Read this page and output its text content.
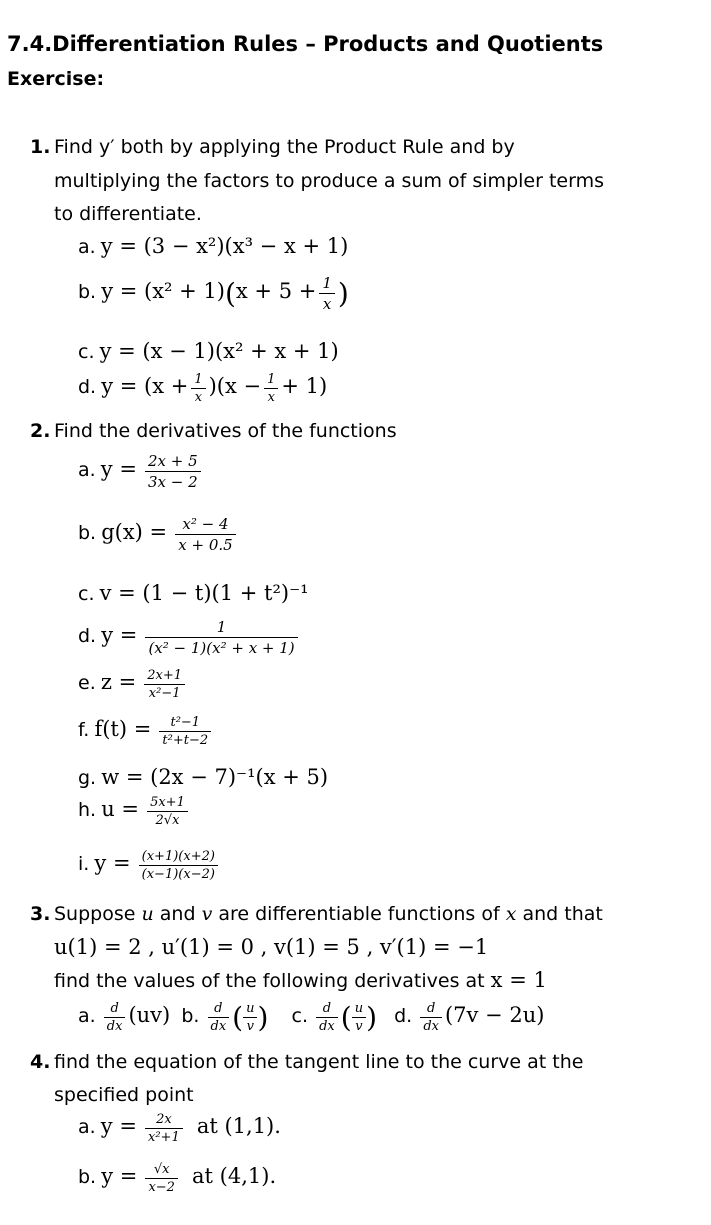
7.4.Differentiation Rules – Products and Quotients
Exercise:
1. Find y′ both by applying the Product Rule and by
multiplying the factors to produce a sum of simpler terms
to differentiate.
a. y = (3 − x²)(x³ − x + 1)
b. $y = (x^2 + 1)(x + 5 + \frac{1}{x}$ )
c. y = (x − 1)(x² + x + 1)
d. $y = (x + \frac{1}{x} )(x - \frac{1}{x} + 1)$
2. Find the derivatives of the functions
a. $y = \frac{2x + 5}{3x - 2}$
b. $g(x) = \frac{\text{x² − 4}}{x + 0.5}$
c. v = (1 − t)(1 + t²)⁻¹
d. $y = \frac{1}{\text{(x² − 1)(x² + x + 1)}}$
e. $z = \frac{2x+1}{\text{x²−1}}$
f. $f(t) = \frac{\text{t²−1}}{\text{t²+t−2}}$
g. w = (2x − 7)⁻¹(x + 5)
h. $u = \frac{5x+1}{2√x}$
i. $y = \frac{(x+1)(x+2)}{(x-1)(x-2)}$
3. Suppose u and v are differentiable functions of x and that
u(1) = 2 , u′(1) = 0 , v(1) = 5 , v′(1) = −1
find the values of the following derivatives at x = 1
a. $\frac{d}{dx} (uv)$ b. $\frac{d}{dx}$ ( $\frac{u}{v}$ ) c. $\frac{d}{dx}$ ( $\frac{u}{v}$ ) d. $\frac{d}{dx} (7v - 2u)$
4. find the equation of the tangent line to the curve at the
specified point
a. $y = \frac{2x}{\text{x²+1}}$ at (1,1).
b. $y = \frac{√x}{x-2}$ at (4,1).
